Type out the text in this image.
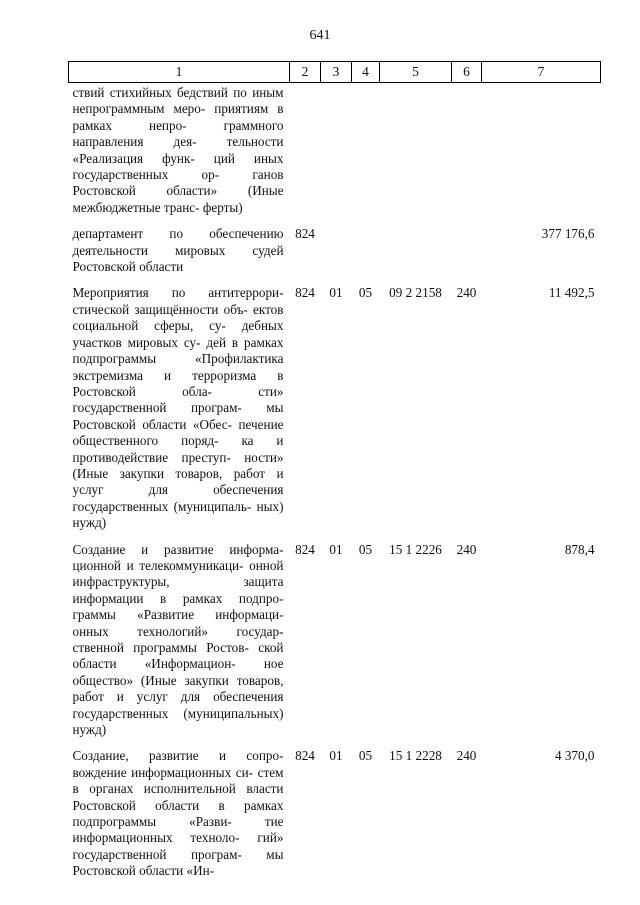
641
1	2	3	4	5	6	7
ствий стихийных бедствий по иным непрограммным меро- приятиям в рамках непро- граммного направления дея- тельности «Реализация функ- ций иных государственных ор- ганов Ростовской области» (Иные межбюджетные транс- ферты)						
департамент по обеспечению деятельности мировых судей Ростовской области	824					377 176,6
Мероприятия по антитеррори- стической защищённости объ- ектов социальной сферы, су- дебных участков мировых су- дей в рамках подпрограммы «Профилактика экстремизма и терроризма в Ростовской обла- сти» государственной програм- мы Ростовской области «Обес- печение общественного поряд- ка и противодействие преступ- ности» (Иные закупки товаров, работ и услуг для обеспечения государственных (муниципаль- ных) нужд)	824	01	05	09 2 2158	240	11 492,5
Создание и развитие информа- ционной и телекоммуникаци- онной инфраструктуры, защита информации в рамках подпро- граммы «Развитие информаци- онных технологий» государ- ственной программы Ростов- ской области «Информацион- ное общество» (Иные закупки товаров, работ и услуг для обеспечения государственных (муниципальных) нужд)	824	01	05	15 1 2226	240	878,4
Создание, развитие и сопро- вождение информационных си- стем в органах исполнительной власти Ростовской области в рамках подпрограммы «Разви- тие информационных техноло- гий» государственной програм- мы Ростовской области «Ин-	824	01	05	15 1 2228	240	4 370,0
